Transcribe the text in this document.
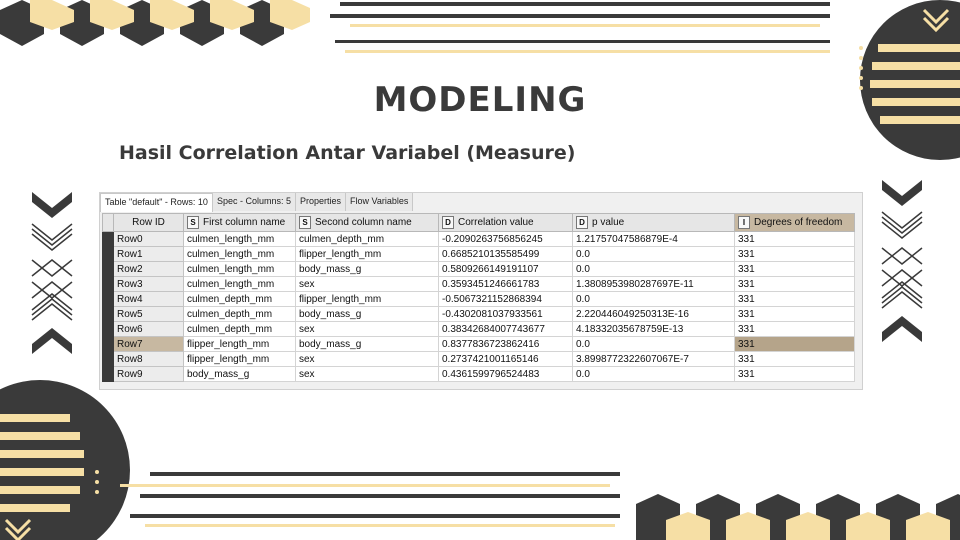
MODELING
Hasil Correlation Antar Variabel (Measure)
Table "default" - Rows: 10	Spec - Columns: 5	Properties	Flow Variables
	Row ID	S First column name	S Second column name	D Correlation value	D p value	I Degrees of freedom
	Row0	culmen_length_mm	culmen_depth_mm	-0.2090263756856245	1.21757047586879E-4	331
	Row1	culmen_length_mm	flipper_length_mm	0.6685210135585499	0.0	331
	Row2	culmen_length_mm	body_mass_g	0.5809266149191107	0.0	331
	Row3	culmen_length_mm	sex	0.3593451246661783	1.3808953980287697E-11	331
	Row4	culmen_depth_mm	flipper_length_mm	-0.5067321152868394	0.0	331
	Row5	culmen_depth_mm	body_mass_g	-0.4302081037933561	2.220446049250313E-16	331
	Row6	culmen_depth_mm	sex	0.38342684007743677	4.18332035678759E-13	331
	Row7	flipper_length_mm	body_mass_g	0.8377836723862416	0.0	331
	Row8	flipper_length_mm	sex	0.2737421001165146	3.8998772322607067E-7	331
	Row9	body_mass_g	sex	0.4361599796524483	0.0	331
